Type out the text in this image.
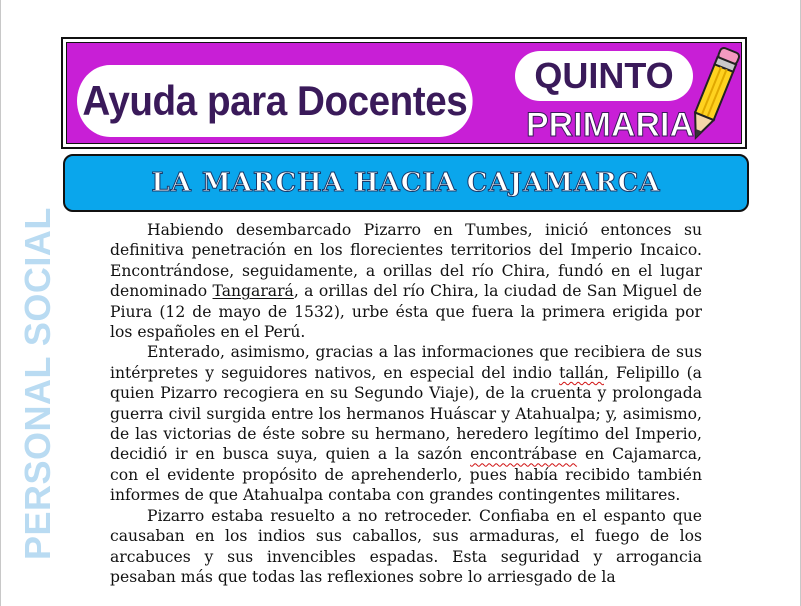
Ayuda para Docentes
QUINTO
PRIMARIA
LA MARCHA HACIA CAJAMARCA
PERSONAL SOCIAL	Habiendo desembarcado Pizarro en Tumbes, inició entonces su definitiva penetración en los florecientes territorios del Imperio Incaico. Encontrándose, seguidamente, a orillas del río Chira, fundó en el lugar denominado Tangarará, a orillas del río Chira, la ciudad de San Miguel de Piura (12 de mayo de 1532), urbe ésta que fuera la primera erigida por los españoles en el Perú.

Enterado, asimismo, gracias a las informaciones que recibiera de sus intérpretes y seguidores nativos, en especial del indio tallán, Felipillo (a quien Pizarro recogiera en su Segundo Viaje), de la cruenta y prolongada guerra civil surgida entre los hermanos Huáscar y Atahualpa; y, asimismo, de las victorias de éste sobre su hermano, heredero legítimo del Imperio, decidió ir en busca suya, quien a la sazón encontrábase en Cajamarca, con el evidente propósito de aprehenderlo, pues había recibido también informes de que Atahualpa contaba con grandes contingentes militares.

Pizarro estaba resuelto a no retroceder. Confiaba en el espanto que causaban en los indios sus caballos, sus armaduras, el fuego de los arcabuces y sus invencibles espadas. Esta seguridad y arrogancia pesaban más que todas las reflexiones sobre lo arriesgado de la
